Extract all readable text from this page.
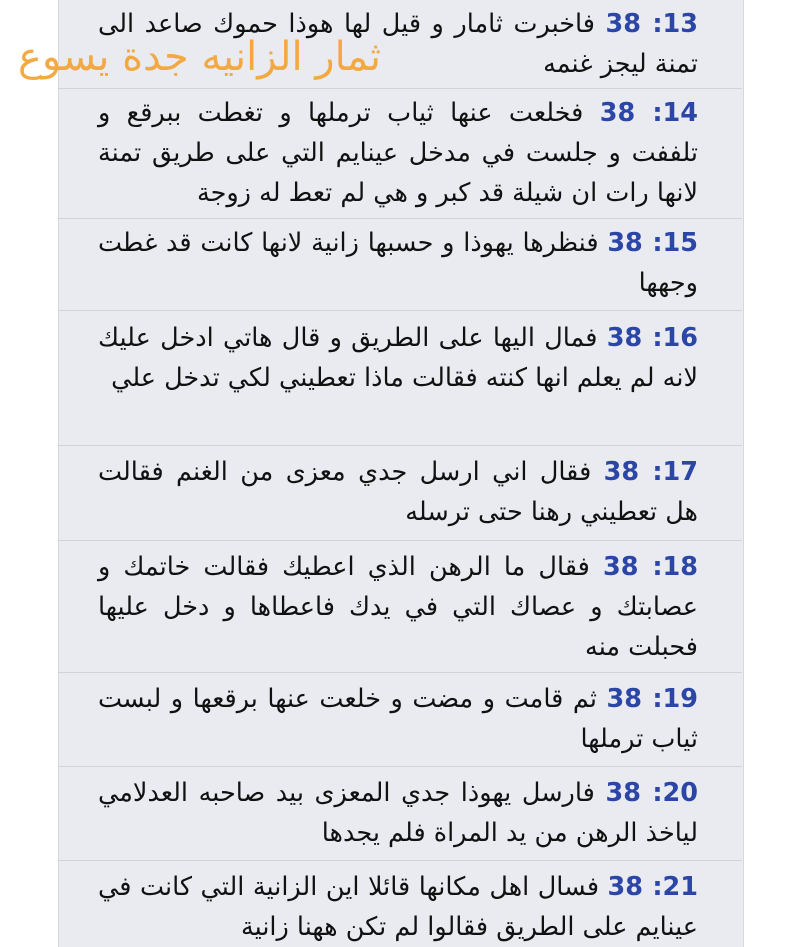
38 :13 فاخبرت ثامار و قيل لها هوذا حموك صاعد الى تمنة ليجز غنمه
38 :14 فخلعت عنها ثياب ترملها و تغطت ببرقع و تلففت و جلست في مدخل عينايم التي على طريق تمنة لانها رات ان شيلة قد كبر و هي لم تعط له زوجة
38 :15 فنظرها يهوذا و حسبها زانية لانها كانت قد غطت وجهها
38 :16 فمال اليها على الطريق و قال هاتي ادخل عليك لانه لم يعلم انها كنته فقالت ماذا تعطيني لكي تدخل علي
38 :17 فقال اني ارسل جدي معزى من الغنم فقالت هل تعطيني رهنا حتى ترسله
38 :18 فقال ما الرهن الذي اعطيك فقالت خاتمك و عصابتك و عصاك التي في يدك فاعطاها و دخل عليها فحبلت منه
38 :19 ثم قامت و مضت و خلعت عنها برقعها و لبست ثياب ترملها
38 :20 فارسل يهوذا جدي المعزى بيد صاحبه العدلامي لياخذ الرهن من يد المراة فلم يجدها
38 :21 فسال اهل مكانها قائلا اين الزانية التي كانت في عينايم على الطريق فقالوا لم تكن ههنا زانية
ثمار الزانيه جدة يسوع
